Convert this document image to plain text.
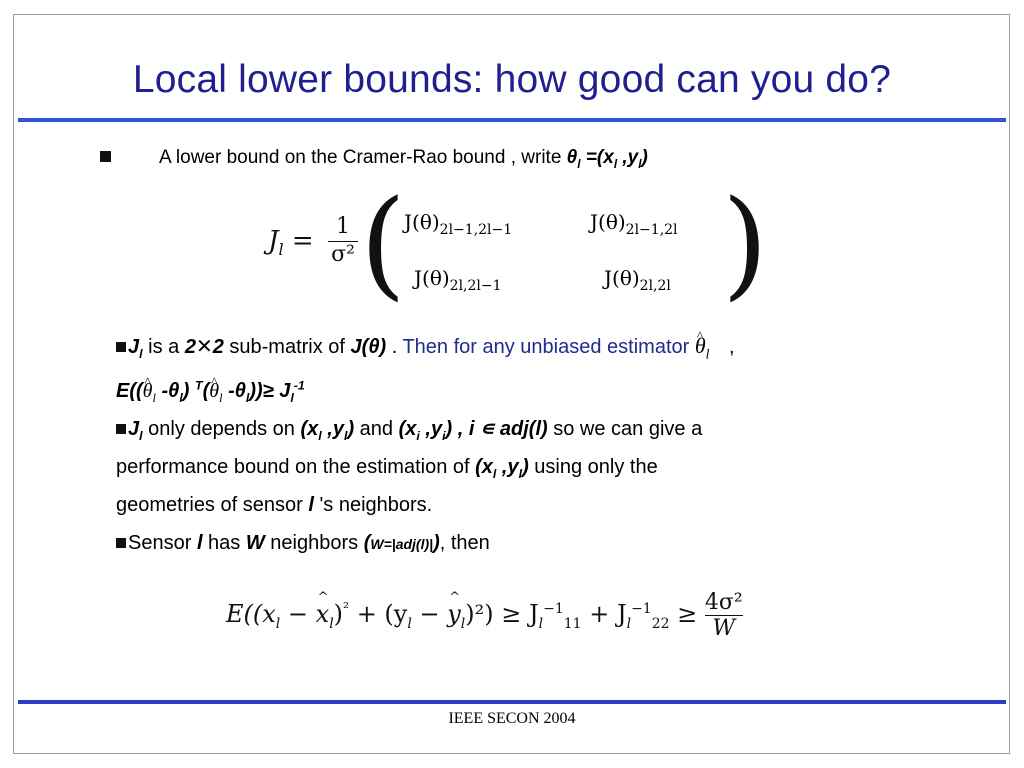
Local lower bounds: how good can you do?
A lower bound on the Cramer-Rao bound , write $\theta_l =(x_l$ $,y_l$)
$J_l$ =	1
σ² (	)
$J(\theta)_{2l-1,2l-1}$	$J(\theta)_{2l-1,2l}$
$J(\theta)_{2l,2l-1}$	$J(\theta)_{2l,2l}$
$J_l$ is a 2✕2 sub-matrix of J(θ) . Then for any unbiased estimator ^ $\theta_l$ ,
E((^ $\theta_l$ $-\theta_l$) $^T$(^ $\theta_l$ $-\theta_l))\ge J_l^{-1}$
$J_l$ only depends on ($x_l$ $,y_l$) and ($x_i$ $,y_i$) , i ∊ adj(l) so we can give a
performance bound on the estimation of ($x_l$ $,y_l$) using only the
geometries of sensor l 's neighbors.
Sensor l has W neighbors (W=|adj(l)|), then
$E((x_l$ − ^ $x_l)^{^2} + (y_l$ − ^ $y_l)^2) \ge J_l^{-1}_{11} + J_l^{-1}_{22} \ge \frac{\text{4σ²}}{W}$
IEEE SECON 2004
